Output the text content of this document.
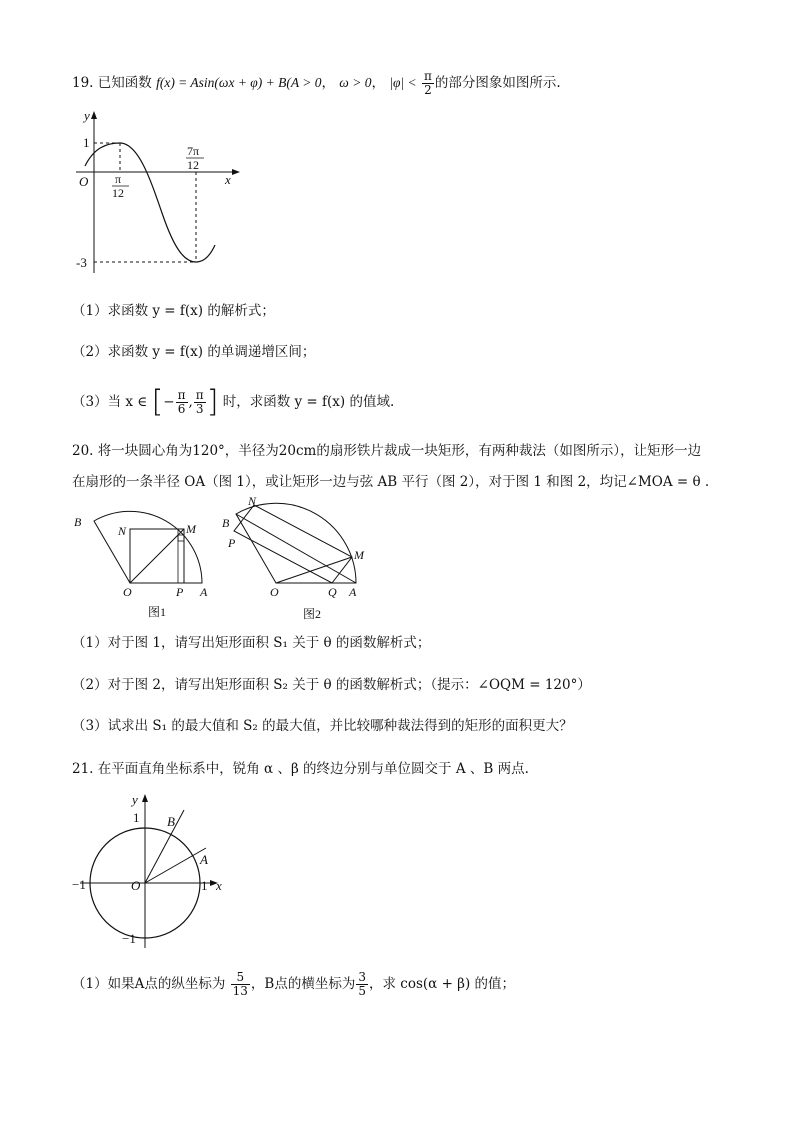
19. 已知函数 f(x) = Asin(ωx + φ) + B(A > 0， ω > 0， $|\varphi| < \frac{\pi}{2}$ 的部分图象如图所示.
y
x
O
1
-3
π
12
7π
12
（1）求函数 y = f(x) 的解析式；
（2）求函数 y = f(x) 的单调递增区间；
（3）当 x ∈ [− $\frac{\pi}{6}$ , $\frac{\pi}{3}$ ] 时，求函数 y = f(x) 的值域.
20. 将一块圆心角为120°，半径为20cm的扇形铁片裁成一块矩形，有两种裁法（如图所示），让矩形一边
在扇形的一条半径 OA（图 1），或让矩形一边与弦 AB 平行（图 2），对于图 1 和图 2，均记∠MOA = θ .
B
N	M
O	P A
图1
N
B
P
M
O	Q A
图2
（1）对于图 1，请写出矩形面积 S₁ 关于 θ 的函数解析式；
（2）对于图 2，请写出矩形面积 S₂ 关于 θ 的函数解析式；（提示：∠OQM = 120°）
（3）试求出 S₁ 的最大值和 S₂ 的最大值，并比较哪种裁法得到的矩形的面积更大？
21. 在平面直角坐标系中，锐角 α 、β 的终边分别与单位圆交于 A 、B 两点.
y
x
1 B
A
−1	O	1
−1
（1）如果A点的纵坐标为 $\frac{5}{13}$ ，B点的横坐标为 $\frac{3}{5}$ ，求 cos(α + β) 的值；
